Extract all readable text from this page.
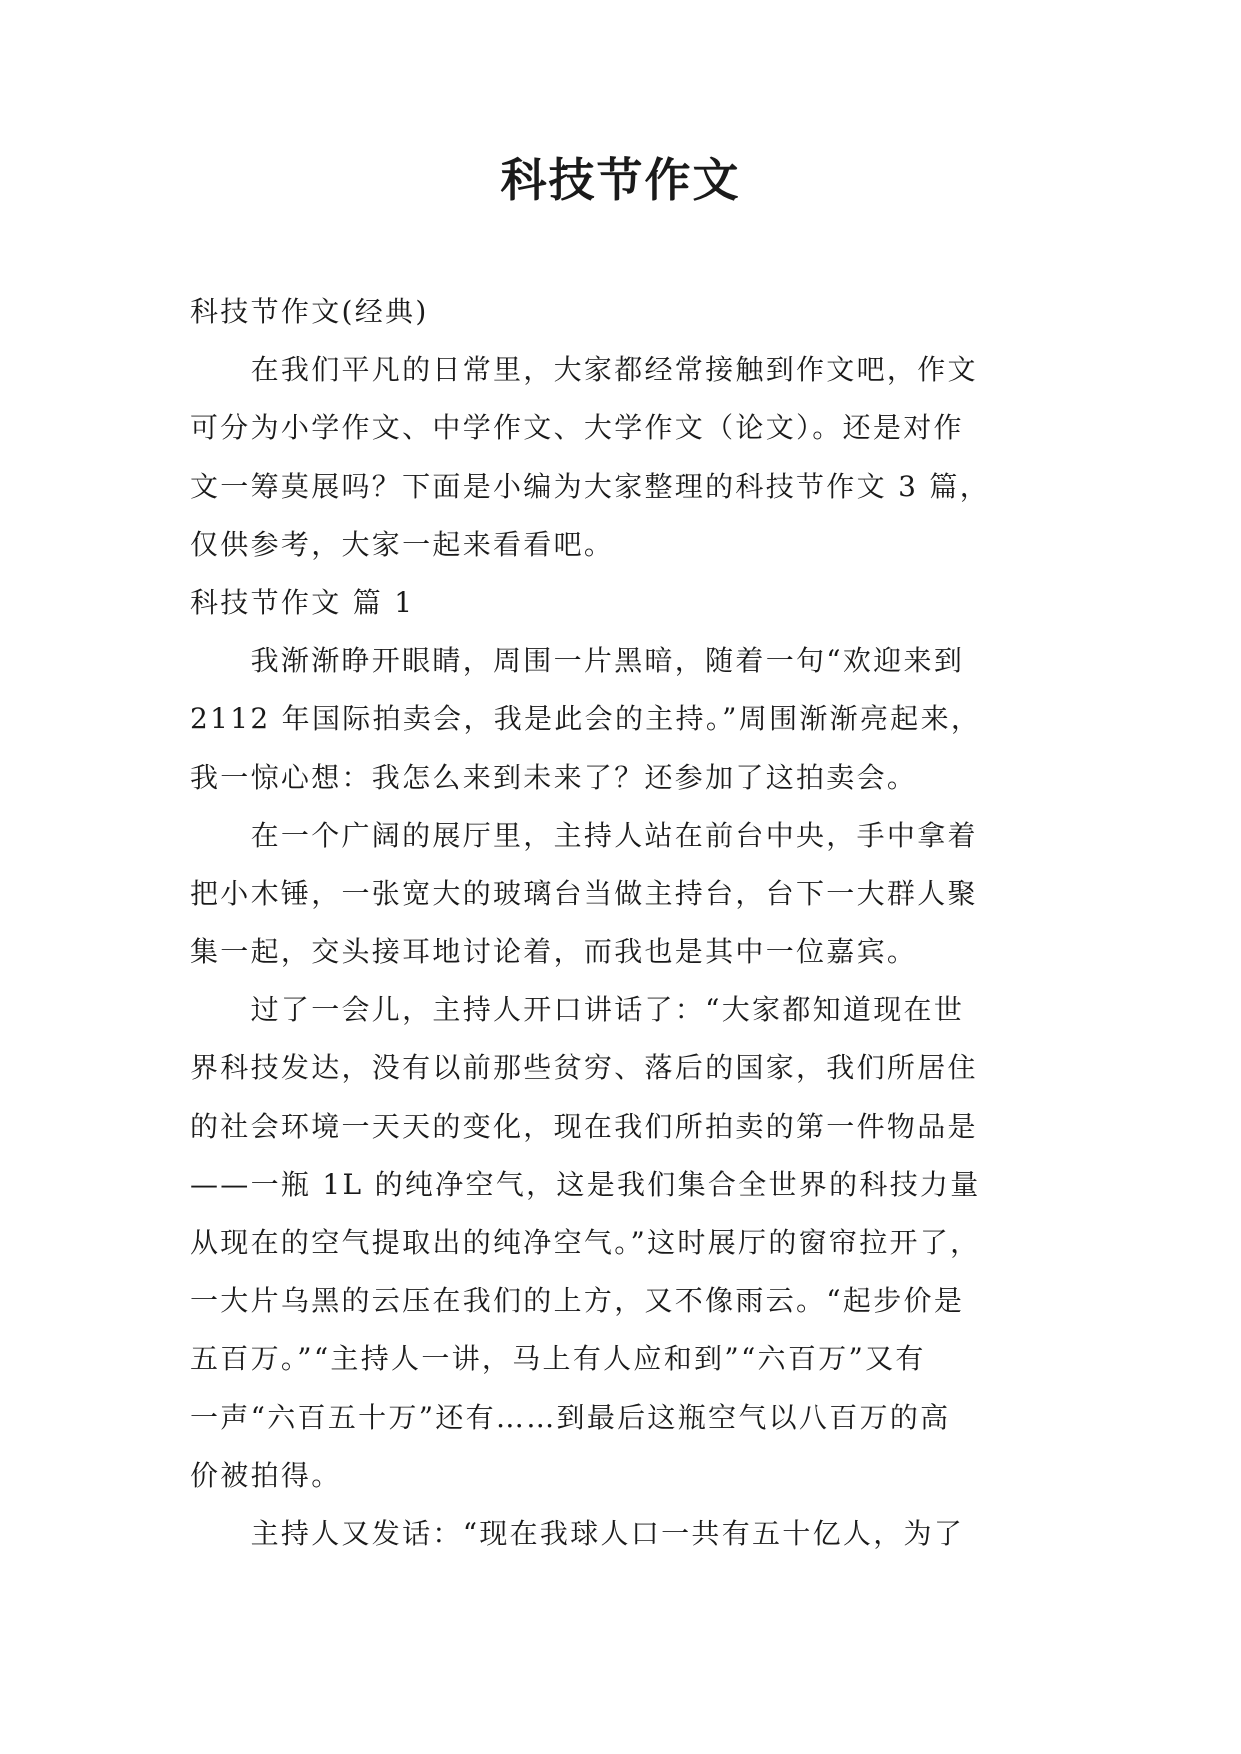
科技节作文
科技节作文(经典)
　　在我们平凡的日常里，大家都经常接触到作文吧，作文
可分为小学作文、中学作文、大学作文（论文）。还是对作
文一筹莫展吗？下面是小编为大家整理的科技节作文 3 篇，
仅供参考，大家一起来看看吧。
科技节作文 篇 1
　　我渐渐睁开眼睛，周围一片黑暗，随着一句“欢迎来到
2112 年国际拍卖会，我是此会的主持。”周围渐渐亮起来，
我一惊心想：我怎么来到未来了？还参加了这拍卖会。
　　在一个广阔的展厅里，主持人站在前台中央，手中拿着
把小木锤，一张宽大的玻璃台当做主持台，台下一大群人聚
集一起，交头接耳地讨论着，而我也是其中一位嘉宾。
　　过了一会儿，主持人开口讲话了：“大家都知道现在世
界科技发达，没有以前那些贫穷、落后的国家，我们所居住
的社会环境一天天的变化，现在我们所拍卖的第一件物品是
——一瓶 1L 的纯净空气，这是我们集合全世界的科技力量
从现在的空气提取出的纯净空气。”这时展厅的窗帘拉开了，
一大片乌黑的云压在我们的上方，又不像雨云。“起步价是
五百万。”“主持人一讲，马上有人应和到”“六百万”又有
一声“六百五十万”还有……到最后这瓶空气以八百万的高
价被拍得。
　　主持人又发话：“现在我球人口一共有五十亿人，为了
